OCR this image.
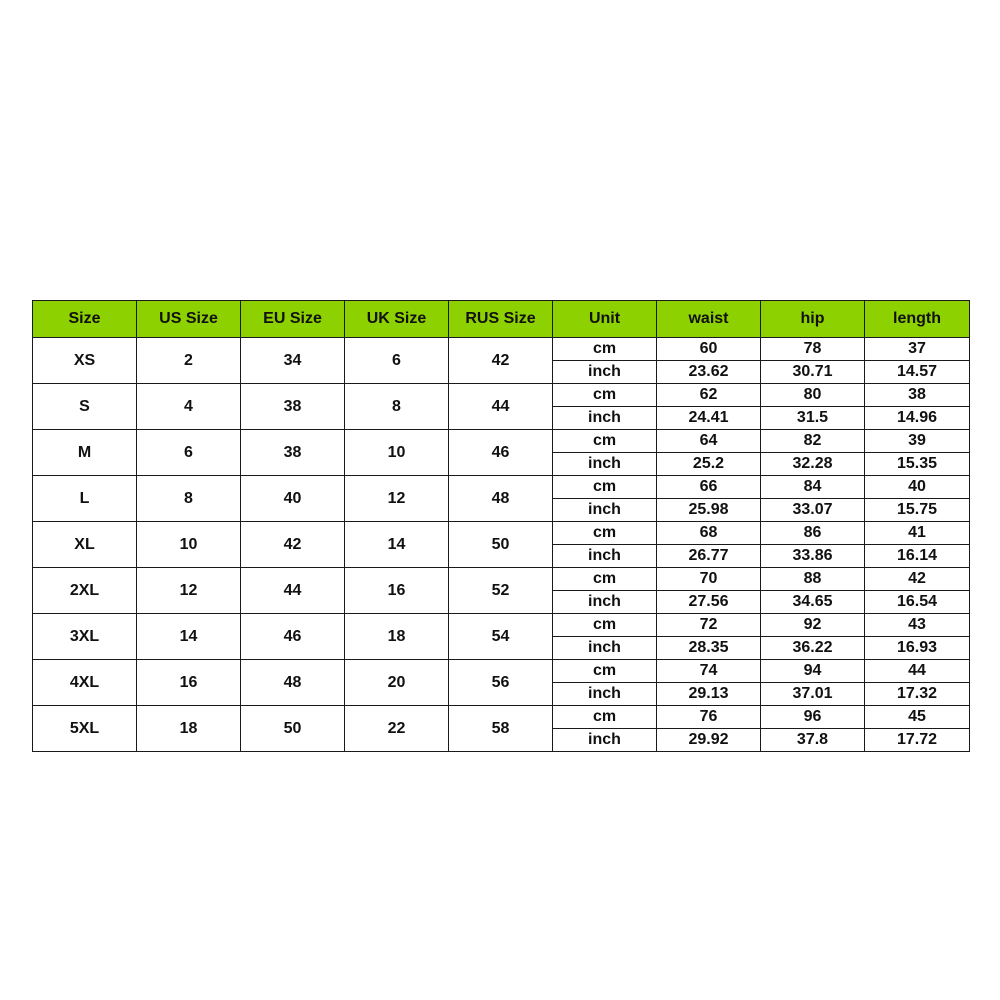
Size	US Size	EU Size	UK Size	RUS Size	Unit	waist	hip	length
XS	2	34	6	42	cm	60	78	37
					inch	23.62	30.71	14.57
S	4	38	8	44	cm	62	80	38
					inch	24.41	31.5	14.96
M	6	38	10	46	cm	64	82	39
					inch	25.2	32.28	15.35
L	8	40	12	48	cm	66	84	40
					inch	25.98	33.07	15.75
XL	10	42	14	50	cm	68	86	41
					inch	26.77	33.86	16.14
2XL	12	44	16	52	cm	70	88	42
					inch	27.56	34.65	16.54
3XL	14	46	18	54	cm	72	92	43
					inch	28.35	36.22	16.93
4XL	16	48	20	56	cm	74	94	44
					inch	29.13	37.01	17.32
5XL	18	50	22	58	cm	76	96	45
					inch	29.92	37.8	17.72
